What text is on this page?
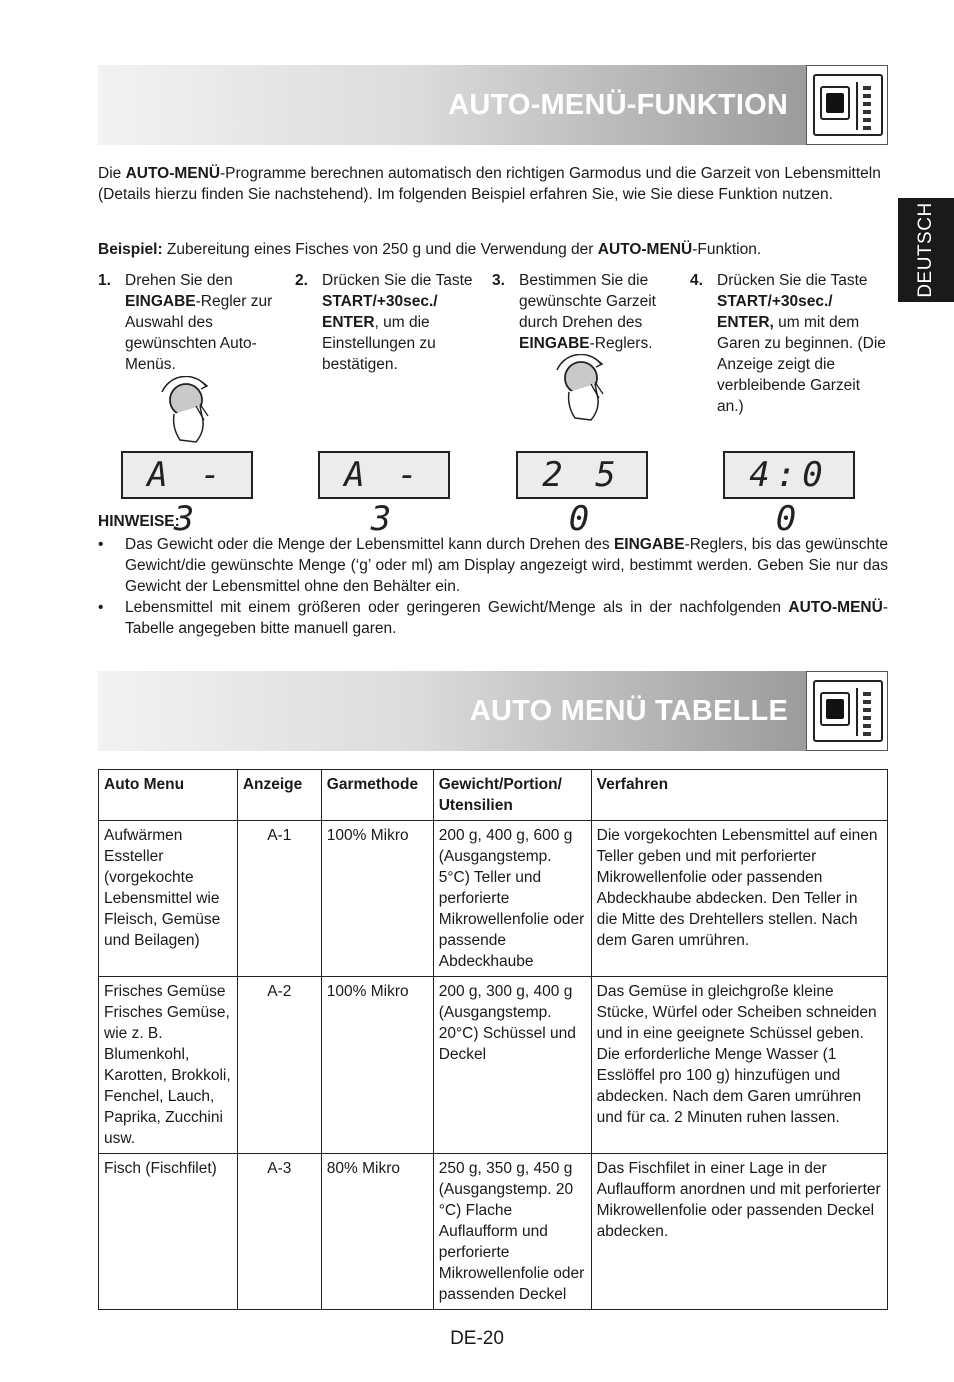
AUTO-MENÜ-FUNKTION
DEUTSCH

Die AUTO-MENÜ-Programme berechnen automatisch den richtigen Garmodus und die Garzeit von Lebensmitteln (Details hierzu finden Sie nachstehend). Im folgenden Beispiel erfahren Sie, wie Sie diese Funktion nutzen.

Beispiel: Zubereitung eines Fisches von 250 g und die Verwendung der AUTO-MENÜ-Funktion.

1. Drehen Sie den EINGABE-Regler zur Auswahl des gewünschten Auto-Menüs.
2. Drücken Sie die Taste START/+30sec./ ENTER, um die Einstellungen zu bestätigen.
3. Bestimmen Sie die gewünschte Garzeit durch Drehen des EINGABE-Reglers.
4. Drücken Sie die Taste START/+30sec./ ENTER, um mit dem Garen zu beginnen. (Die Anzeige zeigt die verbleibende Garzeit an.)
A - 3
A - 3
2 5 0
4:0 0
HINWEISE:
• Das Gewicht oder die Menge der Lebensmittel kann durch Drehen des EINGABE-Reglers, bis das gewünschte Gewicht/die gewünschte Menge (‘g’ oder ml) am Display angezeigt wird, bestimmt werden. Geben Sie nur das Gewicht der Lebensmittel ohne den Behälter ein.
• Lebensmittel mit einem größeren oder geringeren Gewicht/Menge als in der nachfolgenden AUTO-MENÜ-Tabelle angegeben bitte manuell garen.
AUTO MENÜ TABELLE
Auto Menu	Anzeige	Garmethode	Gewicht/Portion/ Utensilien	Verfahren
Aufwärmen Essteller (vorgekochte Lebensmittel wie Fleisch, Gemüse und Beilagen)	A-1	100% Mikro	200 g, 400 g, 600 g (Ausgangstemp. 5°C) Teller und perforierte Mikrowellenfolie oder passende Abdeckhaube	Die vorgekochten Lebensmittel auf einen Teller geben und mit perforierter Mikrowellenfolie oder passenden Abdeckhaube abdecken. Den Teller in die Mitte des Drehtellers stellen. Nach dem Garen umrühren.
Frisches Gemüse Frisches Gemüse, wie z. B. Blumenkohl, Karotten, Brokkoli, Fenchel, Lauch, Paprika, Zucchini usw.	A-2	100% Mikro	200 g, 300 g, 400 g (Ausgangstemp. 20°C) Schüssel und Deckel	Das Gemüse in gleichgroße kleine Stücke, Würfel oder Scheiben schneiden und in eine geeignete Schüssel geben. Die erforderliche Menge Wasser (1 Esslöffel pro 100 g) hinzufügen und abdecken. Nach dem Garen umrühren und für ca. 2 Minuten ruhen lassen.
Fisch (Fischfilet)	A-3	80% Mikro	250 g, 350 g, 450 g (Ausgangstemp. 20 °C) Flache Auflaufform und perforierte Mikrowellenfolie oder passenden Deckel	Das Fischfilet in einer Lage in der Auflaufform anordnen und mit perforierter Mikrowellenfolie oder passenden Deckel abdecken.
DE-20
